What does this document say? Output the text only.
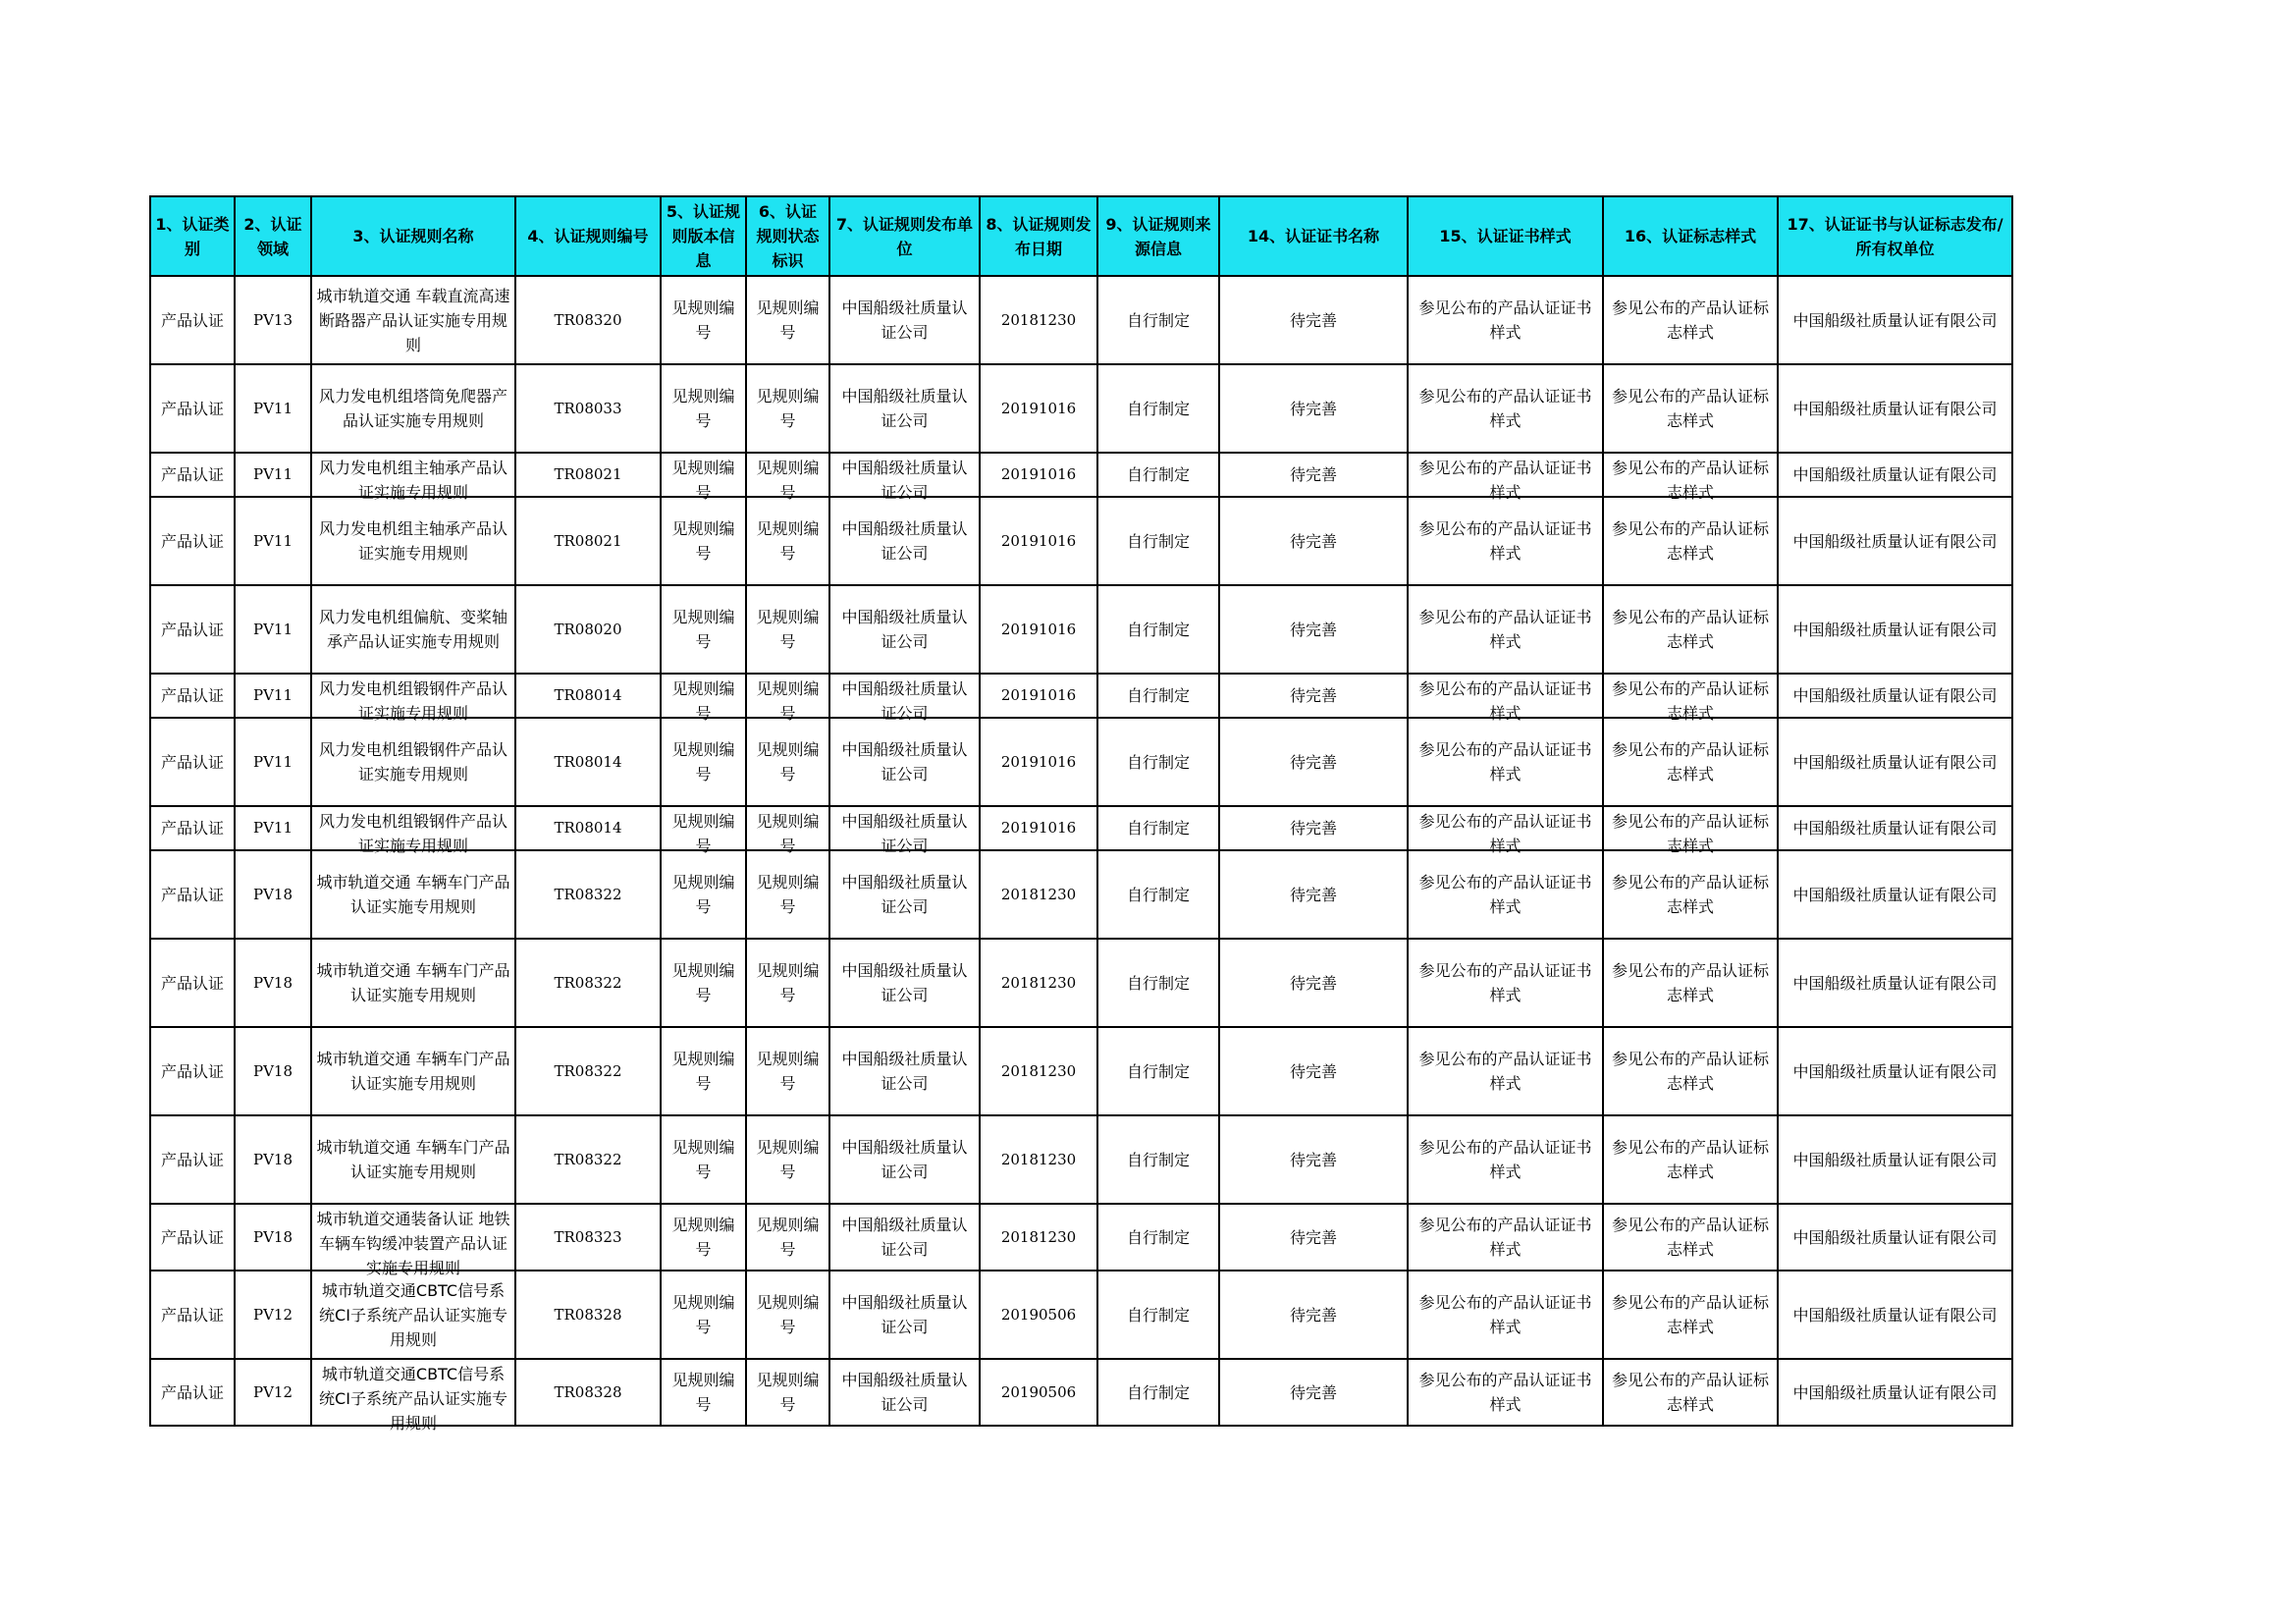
1、认证类别	2、认证领域	3、认证规则名称	4、认证规则编号	5、认证规则版本信息	6、认证规则状态标识	7、认证规则发布单位	8、认证规则发布日期	9、认证规则来源信息	14、认证证书名称	15、认证证书样式	16、认证标志样式	17、认证证书与认证标志发布/所有权单位

产品认证	PV13	城市轨道交通 车载直流高速断路器产品认证实施专用规则	TR08320	见规则编号	见规则编号	中国船级社质量认证公司	20181230	自行制定	待完善	参见公布的产品认证证书样式	参见公布的产品认证标志样式	中国船级社质量认证有限公司

产品认证	PV11	风力发电机组塔筒免爬器产品认证实施专用规则	TR08033	见规则编号	见规则编号	中国船级社质量认证公司	20191016	自行制定	待完善	参见公布的产品认证证书样式	参见公布的产品认证标志样式	中国船级社质量认证有限公司

产品认证	PV11	风力发电机组主轴承产品认证实施专用规则	TR08021	见规则编号	见规则编号	中国船级社质量认证公司	20191016	自行制定	待完善	参见公布的产品认证证书样式	参见公布的产品认证标志样式	中国船级社质量认证有限公司

产品认证	PV11	风力发电机组主轴承产品认证实施专用规则	TR08021	见规则编号	见规则编号	中国船级社质量认证公司	20191016	自行制定	待完善	参见公布的产品认证证书样式	参见公布的产品认证标志样式	中国船级社质量认证有限公司

产品认证	PV11	风力发电机组偏航、变桨轴承产品认证实施专用规则	TR08020	见规则编号	见规则编号	中国船级社质量认证公司	20191016	自行制定	待完善	参见公布的产品认证证书样式	参见公布的产品认证标志样式	中国船级社质量认证有限公司

产品认证	PV11	风力发电机组锻钢件产品认证实施专用规则	TR08014	见规则编号	见规则编号	中国船级社质量认证公司	20191016	自行制定	待完善	参见公布的产品认证证书样式	参见公布的产品认证标志样式	中国船级社质量认证有限公司

产品认证	PV11	风力发电机组锻钢件产品认证实施专用规则	TR08014	见规则编号	见规则编号	中国船级社质量认证公司	20191016	自行制定	待完善	参见公布的产品认证证书样式	参见公布的产品认证标志样式	中国船级社质量认证有限公司

产品认证	PV11	风力发电机组锻钢件产品认证实施专用规则	TR08014	见规则编号	见规则编号	中国船级社质量认证公司	20191016	自行制定	待完善	参见公布的产品认证证书样式	参见公布的产品认证标志样式	中国船级社质量认证有限公司

产品认证	PV18	城市轨道交通 车辆车门产品认证实施专用规则	TR08322	见规则编号	见规则编号	中国船级社质量认证公司	20181230	自行制定	待完善	参见公布的产品认证证书样式	参见公布的产品认证标志样式	中国船级社质量认证有限公司

产品认证	PV18	城市轨道交通 车辆车门产品认证实施专用规则	TR08322	见规则编号	见规则编号	中国船级社质量认证公司	20181230	自行制定	待完善	参见公布的产品认证证书样式	参见公布的产品认证标志样式	中国船级社质量认证有限公司

产品认证	PV18	城市轨道交通 车辆车门产品认证实施专用规则	TR08322	见规则编号	见规则编号	中国船级社质量认证公司	20181230	自行制定	待完善	参见公布的产品认证证书样式	参见公布的产品认证标志样式	中国船级社质量认证有限公司

产品认证	PV18	城市轨道交通 车辆车门产品认证实施专用规则	TR08322	见规则编号	见规则编号	中国船级社质量认证公司	20181230	自行制定	待完善	参见公布的产品认证证书样式	参见公布的产品认证标志样式	中国船级社质量认证有限公司

产品认证	PV18	城市轨道交通装备认证 地铁车辆车钩缓冲装置产品认证实施专用规则	TR08323	见规则编号	见规则编号	中国船级社质量认证公司	20181230	自行制定	待完善	参见公布的产品认证证书样式	参见公布的产品认证标志样式	中国船级社质量认证有限公司

产品认证	PV12	城市轨道交通CBTC信号系统CI子系统产品认证实施专用规则	TR08328	见规则编号	见规则编号	中国船级社质量认证公司	20190506	自行制定	待完善	参见公布的产品认证证书样式	参见公布的产品认证标志样式	中国船级社质量认证有限公司

产品认证	PV12	城市轨道交通CBTC信号系统CI子系统产品认证实施专用规则	TR08328	见规则编号	见规则编号	中国船级社质量认证公司	20190506	自行制定	待完善	参见公布的产品认证证书样式	参见公布的产品认证标志样式	中国船级社质量认证有限公司
